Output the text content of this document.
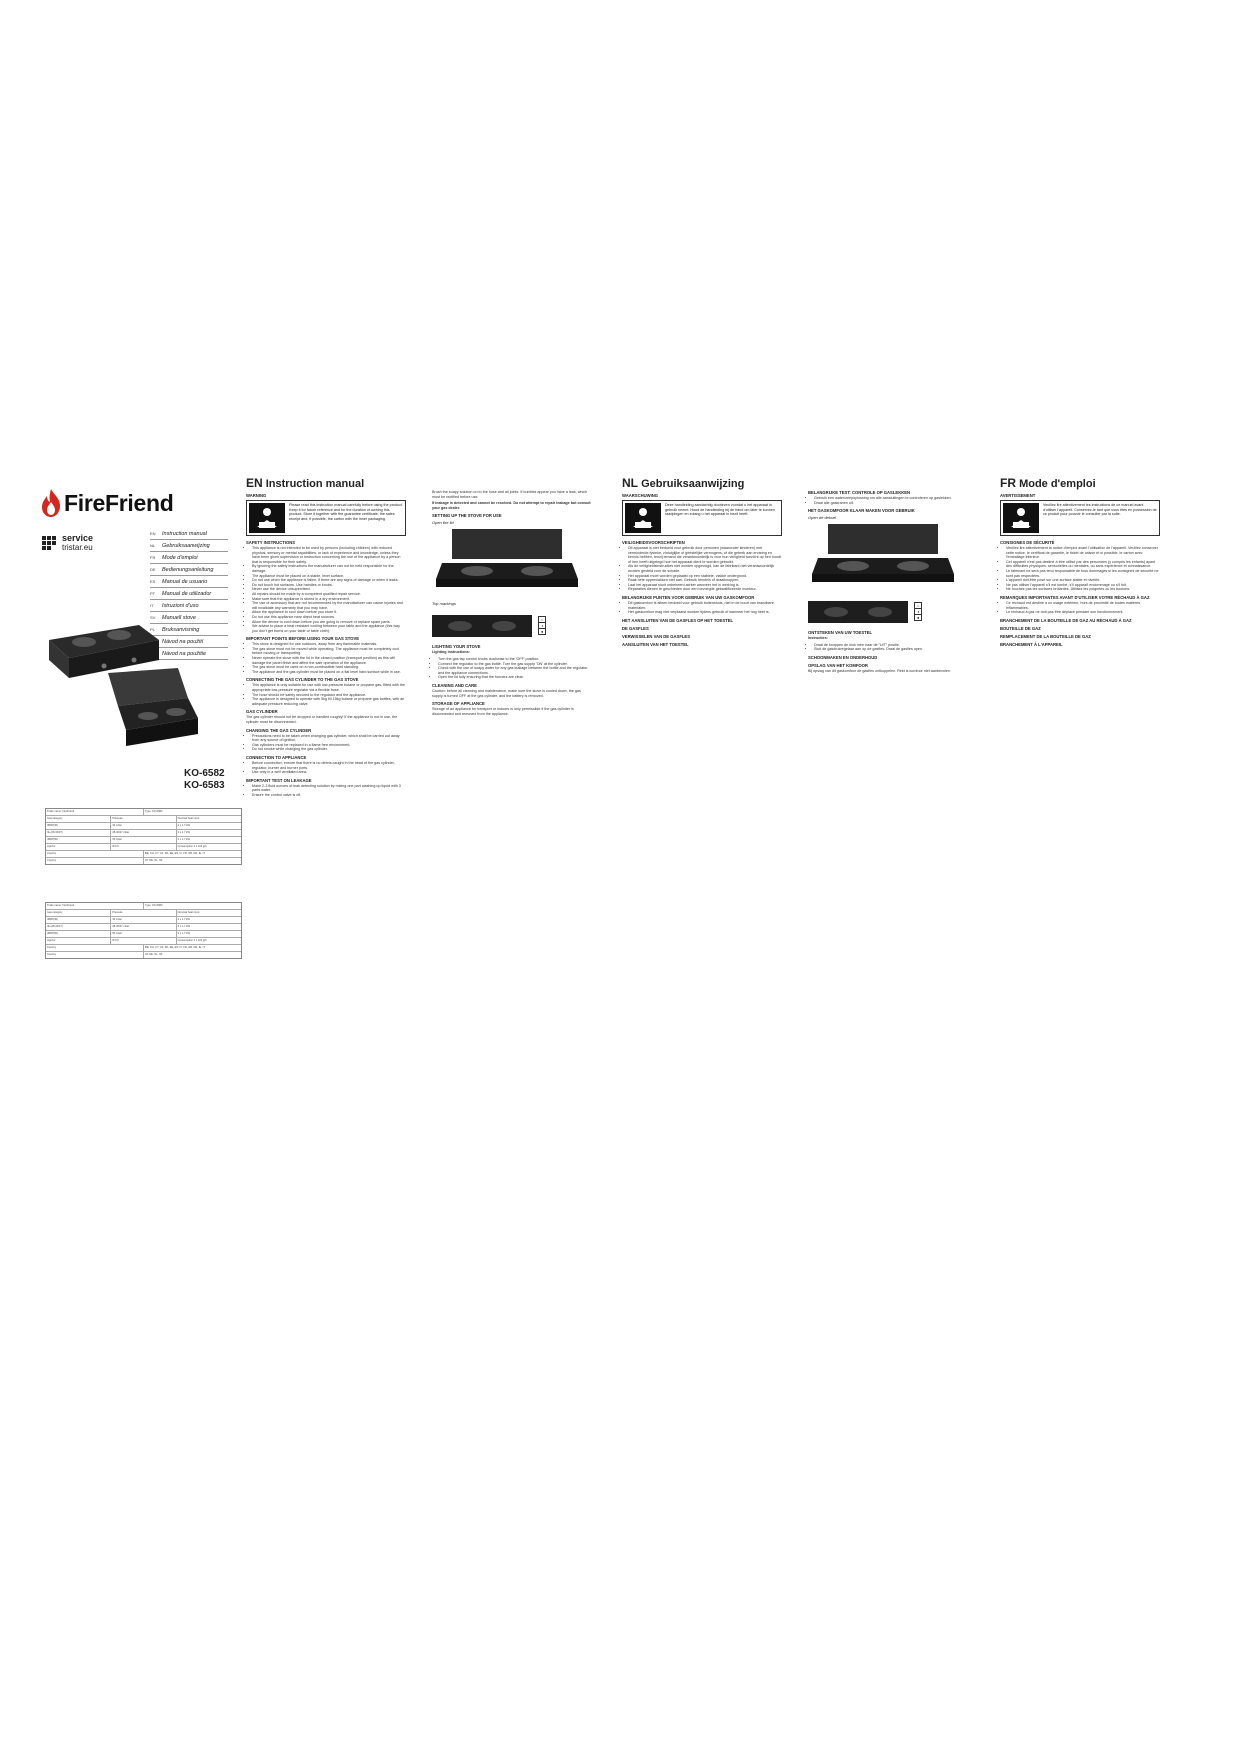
FireFriend
service
tristar.eu
EN	Instruction manual
NL	Gebruiksaanwijzing
FR	Mode d'emploi
DE	Bedienungsanleitung
ES	Manual de usuario
PT	Manual de utilizador
IT	Istruzioni d'uso
SV	Manuell stove
PL	Bruksanvisning
Návod na použití
Návod na použitie
KO-6582
KO-6583
Trade name: FireFriend	Type: KO-6582
Gas category	Pressure	Nominal heat input
I3B/P(30)	30 mbar	2 x 1.7 kW
I3+(28-30/37)	28-30/37 mbar	2 x 1.7 kW
I3B/P(50)	50 mbar	2 x 1.7 kW
Injector	Ø 0.5	Consumption 2 x 124 g/h
Country	BE, CH, CY, CZ, DK, EE, ES, FI, FR, GB, GR, IE, IT
Country	AT, DE, NL, SK
Trade name: FireFriend	Type: KO-6583
Gas category	Pressure	Nominal heat input
I3B/P(30)	30 mbar	2 x 1.7 kW
I3+(28-30/37)	28-30/37 mbar	2 x 1.7 kW
I3B/P(50)	50 mbar	2 x 1.7 kW
Injector	Ø 0.5	Consumption 2 x 124 g/h
Country	BE, CH, CY, CZ, DK, EE, ES, FI, FR, GB, GR, IE, IT
Country	AT, DE, NL, SK
EN Instruction manual
WARNING
Please read this instruction manual carefully before using the product. Keep it for future reference and for the duration of owning this product. Store it together with the guarantee certificate, the sales receipt and, if possible, the carton with the inner packaging.
SAFETY INSTRUCTIONS
• This appliance is not intended to be used by persons (including children) with reduced physical, sensory or mental capabilities, or lack of experience and knowledge, unless they have been given supervision or instruction concerning the use of the appliance by a person that is responsible for their safety.
• By ignoring the safety instructions the manufacturer can not be held responsible for the damage.
• The appliance must be placed on a stable, level surface.
• Do not use when the appliance is fallen, if there are any signs of damage or when it leaks.
• Do not touch hot surfaces. Use handles or knobs.
• Never use the device unsupervised.
• All repairs should be made by a competent qualified repair service.
• Make sure that the appliance is stored in a dry environment.
• The use of accessory that are not recommended by the manufacturer can cause injuries and will invalidate any warranty that you may have.
• Allow the appliance to cool down before you store it.
• Do not use this appliance near direct heat sources.
• Allow the device to cool down before you are going to remove or replace spare parts.
• We advise to place a heat resistant cooling between your table and the appliance (this way you don't get burns on your table or table cloth).
IMPORTANT POINTS BEFORE USING YOUR GAS STOVE
• This stove is designed for use outdoors, away from any flammable materials.
• The gas stove must not be moved while operating. The appliance must be completely cool before moving or transporting.
• Never operate the stove with the lid in the closed position (transport position) as this will damage the panel finish and affect the safe operation of the appliance.
• The gas stove must be used on a non-combustible hard standing.
• The appliance and the gas cylinder must be placed on a flat level hard surface while in use.
CONNECTING THE GAS CYLINDER TO THE GAS STOVE
• This appliance is only suitable for use with low-pressure butane or propane gas, fitted with the appropriate low-pressure regulator via a flexible hose.
• The hose should be safely secured to the regulator and the appliance.
• The appliance is designed to operate with 5kg till 15kg butane or propane gas bottles, with an adequate pressure reducing valve.
GAS CYLINDER
The gas cylinder should not be dropped or handled roughly! If the appliance is not in use, the cylinder must be disconnected.
CHANGING THE GAS CYLINDER
• Precautions need to be taken when changing gas cylinder, which shall be carried out away from any source of ignition.
• Gas cylinders must be replaced in a flame free environment.
• Do not smoke while changing the gas cylinder.
CONNECTION TO APPLIANCE
• Before connection, ensure that there is no debris caught in the head of the gas cylinder, regulator, burner and burner ports.
• Use only in a well ventilated area.
IMPORTANT TEST ON LEAKAGE
• Make 2-3 fluid ounces of leak detecting solution by mixing one part washing up liquid with 3 parts water.
• Ensure the control valve is off.
Brush the soapy solution on to the hose and all joints. If bubbles appear you have a leak, which must be rectified before use.
If leakage is detected and cannot be resolved. Do not attempt to repair leakage but consult your gas dealer.
SETTING UP THE STOVE FOR USE
Open the lid
Top markings
○
◑
●
LIGHTING YOUR STOVE
Lighting instructions:
• Turn the gas tap control knobs clockwise to the 'OFF' position.
• Connect the regulator to the gas bottle. Turn the gas supply 'ON' at the cylinder.
• Check with the use of soapy water for any gas leakage between the bottle and the regulator and the appliance connections.
• Open the lid fully ensuring that the burners are clear.
CLEANING AND CARE
Caution: before all cleaning and maintenance, make sure the stove is cooled down, the gas supply is turned OFF at the gas cylinder, and the battery is removed.
STORAGE OF APPLIANCE
Storage of an appliance for transport or indoors is only permissible if the gas cylinder is disconnected and removed from the appliance.
NL Gebruiksaanwijzing
WAARSCHUWING
Deze handleiding aandachtig doorlezen voordat u het apparaat in gebruik neemt. Houd de handleiding bij de hand om later te kunnen raadplegen en zolang u het apparaat in bezit heeft.
VEILIGHEIDSVOORSCHRIFTEN
• Dit apparaat is niet bedoeld voor gebruik door personen (waaronder kinderen) met verminderde fysieke, zintuiglijke of geestelijke vermogens, of die gebrek aan ervaring en kennis hebben, tenzij iemand die verantwoordelijk is voor hun veiligheid toezicht op hen houdt of hen heeft uitgelegd hoe het apparaat dient te worden gebruikt.
• Als de veiligheidsinstructies niet worden opgevolgd, kan de fabrikant niet verantwoordelijk worden gesteld voor de schade.
• Het apparaat moet worden geplaatst op een stabiele, vlakke ondergrond.
• Raak hete oppervlakken niet aan. Gebruik hendels of draaiknoppen.
• Laat het apparaat nooit onbeheerd achter wanneer het in werking is.
• Reparaties dienen te geschieden door een bevoegde gekwalificeerde monteur.
BELANGRIJKE PUNTEN VOOR GEBRUIK VAN UW GASKOMFOOR
• Dit gaskomfoor is alleen bedoeld voor gebruik buitenshuis, niet in de buurt van brandbare materialen.
• Het gaskomfoor mag niet verplaatst worden tijdens gebruik of wanneer het nog heet is.
HET AANSLUITEN VAN DE GASFLES OP HET TOESTEL
DE GASFLES
VERWISSELEN VAN DE GASFLES
AANSLUITEN VAN HET TOESTEL
BELANGRIJKE TEST: CONTROLE OP GASLEKKEN
• Gebruik een water/zeepoplossing om alle aansluitingen te controleren op gaslekken.
• Draai alle gaskranen uit.
HET GASKOMFOOR KLAAR MAKEN VOOR GEBRUIK
Open de deksel
○
◑
●
ONTSTEKEN VAN UW TOESTEL
Instructies:
• Draai de knoppen de klok mee naar de "UIT" positie.
• Sluit de gasdrukregelaar aan op de gasfles. Draai de gasfles open.
SCHOONMAKEN EN ONDERHOUD
OPSLAG VAN HET KOMFOOR
Bij opslag van dit gaskomfoor de gasfles ontkoppelen. Rekt is komfoor niet aanbevolen.
FR Mode d'emploi
AVERTISSEMENT
Veuillez lire attentivement les instructions de ce manuel avant d'utiliser l'appareil. Conservez-le tant que vous êtes en possession de ce produit pour pouvoir le consulter par la suite.
CONSIGNES DE SÉCURITÉ
• Veuillez lire attentivement la notice d'emploi avant l'utilisation de l'appareil. Veuillez conserver cette notice, le certificat de garantie, le ticket de caisse et si possible, le carton avec l'emballage intérieur.
• Cet appareil n'est pas destiné à être utilisé par des personnes (y compris les enfants) ayant des difficultés physiques, sensorielles ou mentales, ou sans expérience et connaissance.
• Le fabricant ne sera pas tenu responsable de tous dommages si les consignes de sécurité ne sont pas respectées.
• L'appareil doit être posé sur une surface stable et nivelée.
• Ne pas utiliser l'appareil s'il est tombé, s'il apparaît endommagé ou s'il fuit.
• Ne touchez pas les surfaces brûlantes. Utilisez les poignées ou les boutons.
REMARQUES IMPORTANTES AVANT D'UTILISER VOTRE RÉCHAUD À GAZ
• Ce réchaud est destiné à un usage extérieur, hors de proximité de toutes matières inflammables.
• Le réchaud à gaz ne doit pas être déplacé pendant son fonctionnement.
BRANCHEMENT DE LA BOUTEILLE DE GAZ AU RÉCHAUD À GAZ
BOUTEILLE DE GAZ
REMPLACEMENT DE LA BOUTEILLE DE GAZ
BRANCHEMENT À L'APPAREIL
